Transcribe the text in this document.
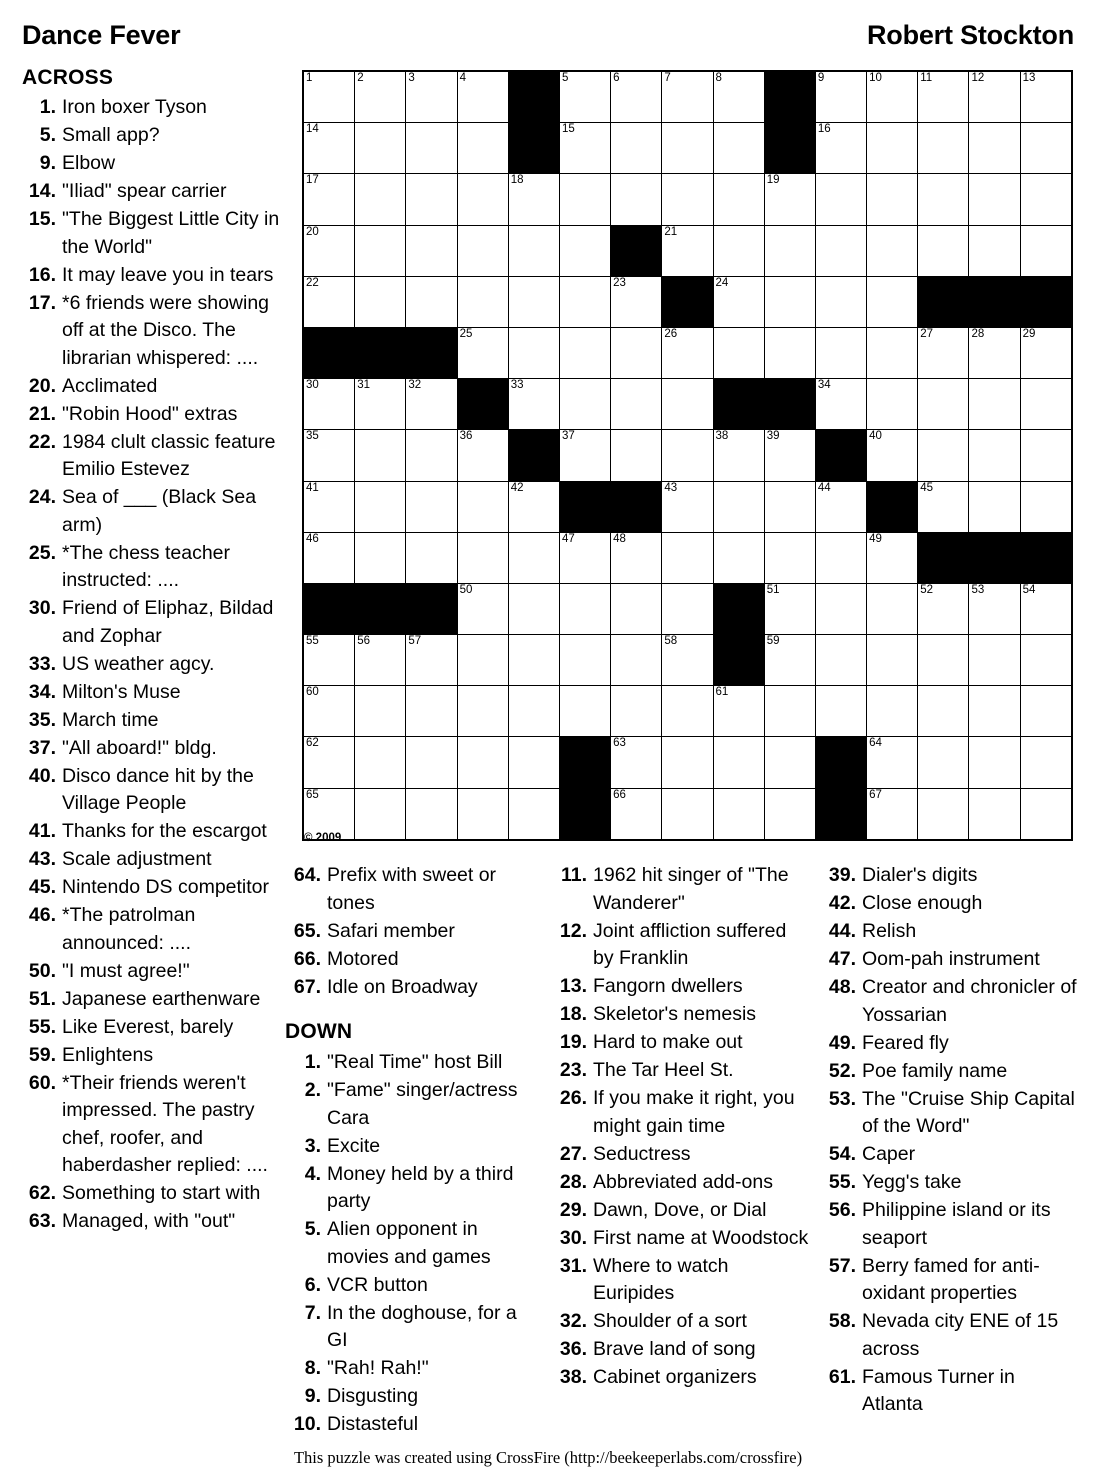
Dance Fever	Robert Stockton
ACROSS
1. Iron boxer Tyson
5. Small app?
9. Elbow
14. "Iliad" spear carrier
15. "The Biggest Little City in the World"
16. It may leave you in tears
17. *6 friends were showing off at the Disco. The librarian whispered: ....
20. Acclimated
21. "Robin Hood" extras
22. 1984 clult classic feature Emilio Estevez
24. Sea of ___ (Black Sea arm)
25. *The chess teacher instructed: ....
30. Friend of Eliphaz, Bildad and Zophar
33. US weather agcy.
34. Milton's Muse
35. March time
37. "All aboard!" bldg.
40. Disco dance hit by the Village People
41. Thanks for the escargot
43. Scale adjustment
45. Nintendo DS competitor
46. *The patrolman announced: ....
50. "I must agree!"
51. Japanese earthenware
55. Like Everest, barely
59. Enlightens
60. *Their friends weren't impressed. The pastry chef, roofer, and haberdasher replied: ....
62. Something to start with
63. Managed, with "out"
1	2	3	4		5	6	7	8		9	10	11	12	13

14					15					16				

17				18					19					

20							21							

22						23		24						

			25				26					27	28	29

30	31	32		33						34				

35			36		37			38	39		40			

41				42			43			44		45		

46					47	48					49			

			50						51			52	53	54

55	56	57					58		59					

60								61						

62						63					64			

65						66					67			

© 2009
64. Prefix with sweet or tones
65. Safari member
66. Motored
67. Idle on Broadway
DOWN
1. "Real Time" host Bill
2. "Fame" singer/actress Cara
3. Excite
4. Money held by a third party
5. Alien opponent in movies and games
6. VCR button
7. In the doghouse, for a GI
8. "Rah! Rah!"
9. Disgusting
10. Distasteful
11. 1962 hit singer of "The Wanderer"
12. Joint affliction suffered by Franklin
13. Fangorn dwellers
18. Skeletor's nemesis
19. Hard to make out
23. The Tar Heel St.
26. If you make it right, you might gain time
27. Seductress
28. Abbreviated add-ons
29. Dawn, Dove, or Dial
30. First name at Woodstock
31. Where to watch Euripides
32. Shoulder of a sort
36. Brave land of song
38. Cabinet organizers
39. Dialer's digits
42. Close enough
44. Relish
47. Oom-pah instrument
48. Creator and chronicler of Yossarian
49. Feared fly
52. Poe family name
53. The "Cruise Ship Capital of the Word"
54. Caper
55. Yegg's take
56. Philippine island or its seaport
57. Berry famed for anti-oxidant properties
58. Nevada city ENE of 15 across
61. Famous Turner in Atlanta
This puzzle was created using CrossFire (http://beekeeperlabs.com/crossfire)
